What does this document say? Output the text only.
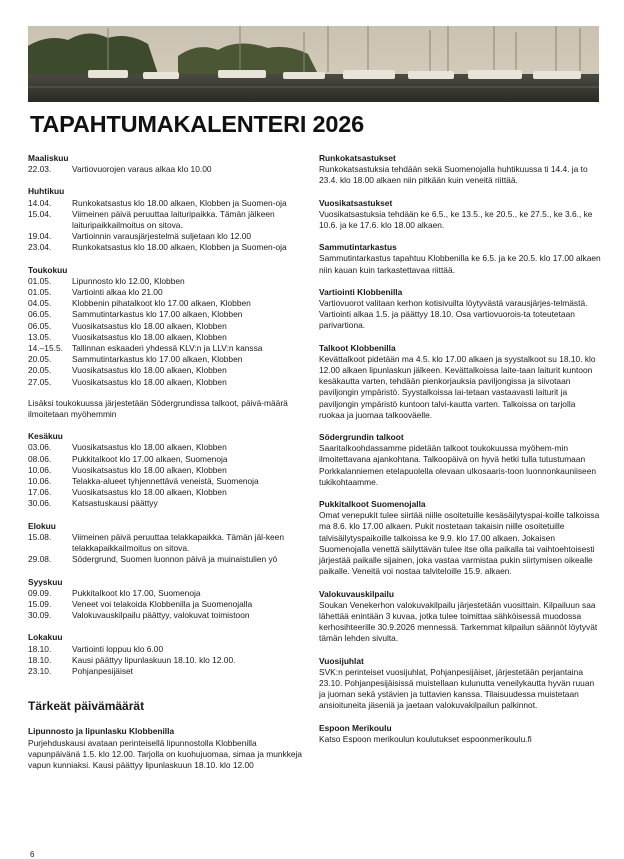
TAPAHTUMAKALENTERI 2026
Maaliskuu
22.03.	Vartiovuorojen varaus alkaa klo 10.00
Huhtikuu
14.04.	Runkokatsastus klo 18.00 alkaen, Klobben ja Suomen-oja
15.04.	Viimeinen päivä peruuttaa laituripaikka. Tämän jälkeen laituripaikkailmoitus on sitova.
19.04.	Vartioinnin varausjärjestelmä suljetaan klo 12.00
23.04.	Runkokatsastus klo 18.00 alkaen, Klobben ja Suomen-oja
Toukokuu
01.05.	Lipunnosto klo 12.00, Klobben
01.05.	Vartiointi alkaa klo 21.00
04.05.	Klobbenin pihatalkoot klo 17.00 alkaen, Klobben
06.05.	Sammutintarkastus klo 17.00 alkaen, Klobben
06.05.	Vuosikatsastus klo 18.00 alkaen, Klobben
13.05.	Vuosikatsastus klo 18.00 alkaen, Klobben
14.–15.5.	Tallinnan eskaaderi yhdessä KLV:n ja LLV:n kanssa
20.05.	Sammutintarkastus klo 17.00 alkaen, Klobben
20.05.	Vuosikatsastus klo 18.00 alkaen, Klobben
27.05.	Vuosikatsastus klo 18.00 alkaen, Klobben
Lisäksi toukokuussa järjestetään Södergrundissa talkoot, päivä-määrä ilmoitetaan myöhemmin
Kesäkuu
03.06.	Vuosikatsastus klo 18.00 alkaen, Klobben
08.06.	Pukkitalkoot klo 17.00 alkaen, Suomenoja
10.06.	Vuosikatsastus klo 18.00 alkaen, Klobben
10.06.	Telakka-alueet tyhjennettävä veneistä, Suomenoja
17.06.	Vuosikatsastus klo 18.00 alkaen, Klobben
30.06.	Katsastuskausi päättyy
Elokuu
15.08.	Viimeinen päivä peruuttaa telakkapaikka. Tämän jäl-keen telakkapaikkailmoitus on sitova.
29.08.	Södergrund, Suomen luonnon päivä ja muinaistulien yö
Syyskuu
09.09.	Pukkitalkoot klo 17.00, Suomenoja
15.09.	Veneet voi telakoida Klobbenilla ja Suomenojalla
30.09.	Valokuvauskilpailu päättyy, valokuvat toimistoon
Lokakuu
18.10.	Vartiointi loppuu klo 6.00
18.10.	Kausi päättyy lipunlaskuun 18.10. klo 12.00.
23.10.	Pohjanpesijäiset
Tärkeät päivämäärät
Lipunnosto ja lipunlasku Klobbenilla
Purjehduskausi avataan perinteisellä lipunnostolla Klobbenilla vapunpäivänä 1.5. klo 12.00. Tarjolla on kuohujuomaa, simaa ja munkkeja vapun kunniaksi. Kausi päättyy lipunlaskuun 18.10. klo 12.00
Runkokatsastukset
Runkokatsastuksia tehdään sekä Suomenojalla huhtikuussa ti 14.4. ja to 23.4. klo 18.00 alkaen niin pitkään kuin veneitä riittää.
Vuosikatsastukset
Vuosikatsastuksia tehdään ke 6.5., ke 13.5., ke 20.5., ke 27.5., ke 3.6., ke 10.6. ja ke 17.6. klo 18.00 alkaen.
Sammutintarkastus
Sammutintarkastus tapahtuu Klobbenilla ke 6.5. ja ke 20.5. klo 17.00 alkaen niin kauan kuin tarkastettavaa riittää.
Vartiointi Klobbenilla
Vartiovuorot valitaan kerhon kotisivuilta löytyvästä varausjärjes-telmästä. Vartiointi alkaa 1.5. ja päättyy 18.10. Osa vartiovuorois-ta toteutetaan parivartiona.
Talkoot Klobbenilla
Kevättalkoot pidetään ma 4.5. klo 17.00 alkaen ja syystalkoot su 18.10. klo 12.00 alkaen lipunlaskun jälkeen. Kevättalkoissa laite-taan laiturit kuntoon kesäkautta varten, tehdään pienkorjauksia paviljongissa ja siivotaan paviljongin ympäristö. Syystalkoissa lai-tetaan vastaavasti laiturit ja paviljongin ympäristö kuntoon talvi-kautta varten. Talkoissa on tarjolla ruokaa ja juomaa talkooväelle.
Södergrundin talkoot
Saaritalkoohdassamme pidetään talkoot toukokuussa myöhem-min ilmoitettavana ajankohtana. Talkoopäivä on hyvä hetki tulla tutustumaan Porkkalanniemen etelapuolella olevaan ulkosaaris-toon luonnonkauniiseen tukikohtaamme.
Pukkitalkoot Suomenojalla
Omat venepukit tulee siirtää niille osoitetuille kesäsäilytyspai-koille talkoissa ma 8.6. klo 17.00 alkaen. Pukit nostetaan takaisin niille osoitetuille talvisäilytyspaikoille talkoissa ke 9.9. klo 17.00 alkaen. Jokaisen Suomenojalla venettä säilyttävän tulee itse olla paikalla tai vaihtoehtoisesti järjestää paikalle sijainen, joka vastaa varmistaa pukin siirtymisen oikealle paikalle. Veneitä voi nostaa talviteloille 15.9. alkaen.
Valokuvauskilpailu
Soukan Venekerhon valokuvakilpailu järjestetään vuosittain. Kilpailuun saa lähettää enintään 3 kuvaa, jotka tulee toimittaa sähköisessä muodossa kerhosihteerille 30.9.2026 mennessä. Tarkemmat kilpailun säännöt löytyvät tämän lehden sivulta.
Vuosijuhlat
SVK:n perinteiset vuosijuhlat, Pohjanpesijäiset, järjestetään perjantaina 23.10. Pohjanpesijäisissä muistellaan kulunutta veneilykautta hyvän ruuan ja juoman sekä ystävien ja tuttavien kanssa. Tilaisuudessa muistetaan ansioituneita jäseniä ja jaetaan valokuvakilpailun palkinnot.
Espoon Merikoulu
Katso Espoon merikoulun koulutukset espoonmerikoulu.fi
6
